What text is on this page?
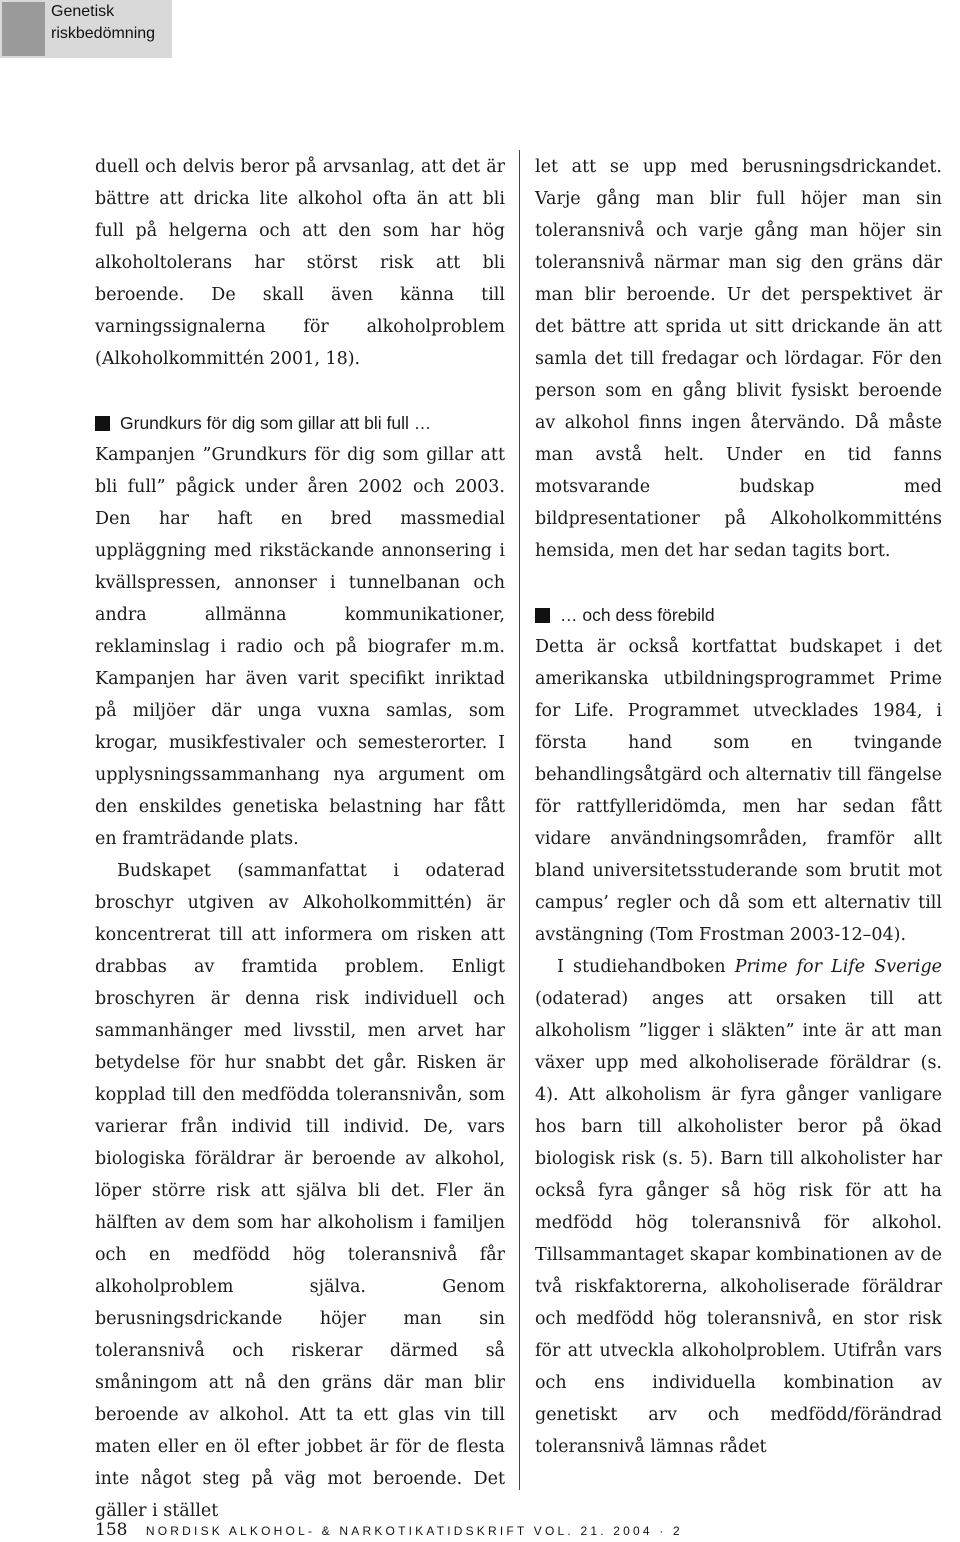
Genetisk riskbedömning

duell och delvis beror på arvsanlag, att det är bättre att dricka lite alkohol ofta än att bli full på helgerna och att den som har hög alkoholtolerans har störst risk att bli beroende. De skall även känna till varningssignalerna för alkoholproblem (Alkoholkommittén 2001, 18).

Grundkurs för dig som gillar att bli full …

Kampanjen ”Grundkurs för dig som gillar att bli full” pågick under åren 2002 och 2003. Den har haft en bred massmedial uppläggning med rikstäckande annonsering i kvällspressen, annonser i tunnelbanan och andra allmänna kommunikationer, reklaminslag i radio och på biografer m.m. Kampanjen har även varit specifikt inriktad på miljöer där unga vuxna samlas, som krogar, musikfestivaler och semesterorter. I upplysningssammanhang nya argument om den enskildes genetiska belastning har fått en framträdande plats.

Budskapet (sammanfattat i odaterad broschyr utgiven av Alkoholkommittén) är koncentrerat till att informera om risken att drabbas av framtida problem. Enligt broschyren är denna risk individuell och sammanhänger med livsstil, men arvet har betydelse för hur snabbt det går. Risken är kopplad till den medfödda toleransnivån, som varierar från individ till individ. De, vars biologiska föräldrar är beroende av alkohol, löper större risk att själva bli det. Fler än hälften av dem som har alkoholism i familjen och en medfödd hög toleransnivå får alkoholproblem själva. Genom berusningsdrickande höjer man sin toleransnivå och riskerar därmed så småningom att nå den gräns där man blir beroende av alkohol. Att ta ett glas vin till maten eller en öl efter jobbet är för de flesta inte något steg på väg mot beroende. Det gäller i stället

let att se upp med berusningsdrickandet. Varje gång man blir full höjer man sin toleransnivå och varje gång man höjer sin toleransnivå närmar man sig den gräns där man blir beroende. Ur det perspektivet är det bättre att sprida ut sitt drickande än att samla det till fredagar och lördagar. För den person som en gång blivit fysiskt beroende av alkohol finns ingen återvändo. Då måste man avstå helt. Under en tid fanns motsvarande budskap med bildpresentationer på Alkoholkommitténs hemsida, men det har sedan tagits bort.

… och dess förebild

Detta är också kortfattat budskapet i det amerikanska utbildningsprogrammet Prime for Life. Programmet utvecklades 1984, i första hand som en tvingande behandlingsåtgärd och alternativ till fängelse för rattfylleridömda, men har sedan fått vidare användningsområden, framför allt bland universitetsstuderande som brutit mot campus’ regler och då som ett alternativ till avstängning (Tom Frostman 2003-12–04).

I studiehandboken Prime for Life Sverige (odaterad) anges att orsaken till att alkoholism ”ligger i släkten” inte är att man växer upp med alkoholiserade föräldrar (s. 4). Att alkoholism är fyra gånger vanligare hos barn till alkoholister beror på ökad biologisk risk (s. 5). Barn till alkoholister har också fyra gånger så hög risk för att ha medfödd hög toleransnivå för alkohol. Tillsammantaget skapar kombinationen av de två riskfaktorerna, alkoholiserade föräldrar och medfödd hög toleransnivå, en stor risk för att utveckla alkoholproblem. Utifrån vars och ens individuella kombination av genetiskt arv och medfödd/förändrad toleransnivå lämnas rådet

158 NORDISK ALKOHOL- & NARKOTIKATIDSKRIFT VOL. 21. 2004 · 2
